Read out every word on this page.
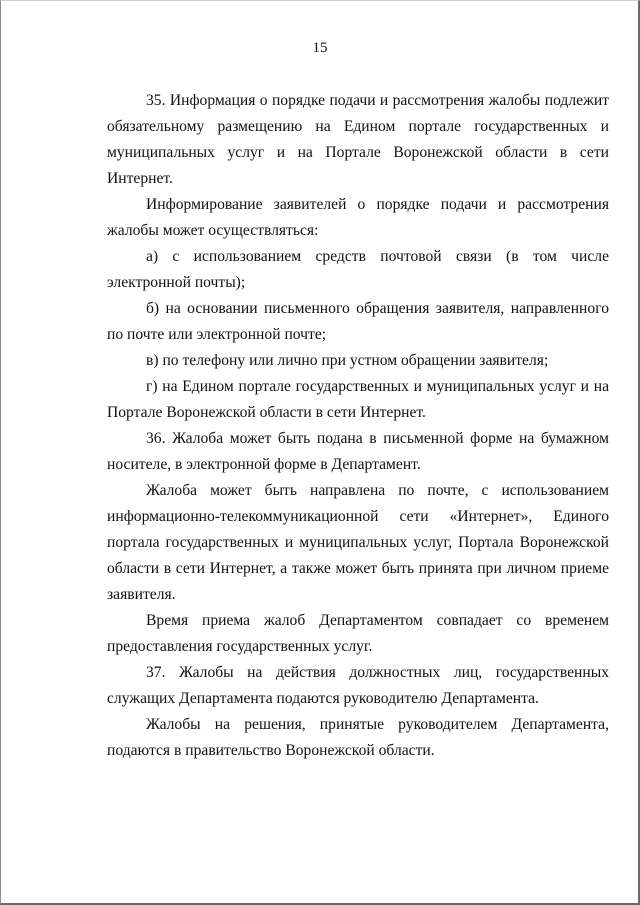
15

35. Информация о порядке подачи и рассмотрения жалобы подлежит обязательному размещению на Едином портале государственных и муниципальных услуг и на Портале Воронежской области в сети Интернет.

Информирование заявителей о порядке подачи и рассмотрения жалобы может осуществляться:

а) с использованием средств почтовой связи (в том числе электронной почты);

б) на основании письменного обращения заявителя, направленного по почте или электронной почте;

в) по телефону или лично при устном обращении заявителя;

г) на Едином портале государственных и муниципальных услуг и на Портале Воронежской области в сети Интернет.

36. Жалоба может быть подана в письменной форме на бумажном носителе, в электронной форме в Департамент.

Жалоба может быть направлена по почте, с использованием информационно-телекоммуникационной сети «Интернет», Единого портала государственных и муниципальных услуг, Портала Воронежской области в сети Интернет, а также может быть принята при личном приеме заявителя.

Время приема жалоб Департаментом совпадает со временем предоставления государственных услуг.

37. Жалобы на действия должностных лиц, государственных служащих Департамента подаются руководителю Департамента.

Жалобы на решения, принятые руководителем Департамента, подаются в правительство Воронежской области.
